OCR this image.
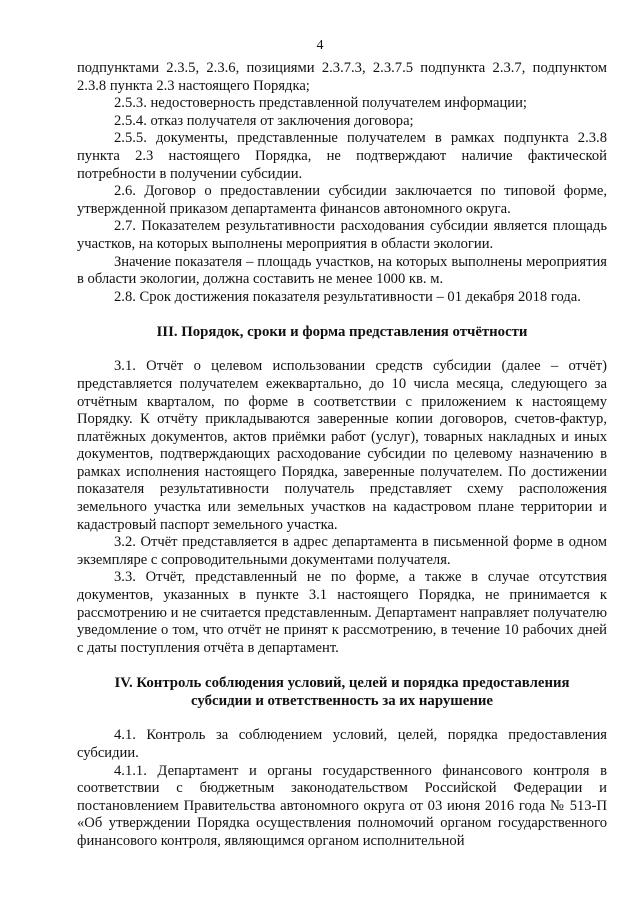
4

подпунктами 2.3.5, 2.3.6, позициями 2.3.7.3, 2.3.7.5 подпункта 2.3.7, подпунктом 2.3.8 пункта 2.3 настоящего Порядка;

2.5.3. недостоверность представленной получателем информации;

2.5.4. отказ получателя от заключения договора;

2.5.5. документы, представленные получателем в рамках подпункта 2.3.8 пункта 2.3 настоящего Порядка, не подтверждают наличие фактической потребности в получении субсидии.

2.6. Договор о предоставлении субсидии заключается по типовой форме, утвержденной приказом департамента финансов автономного округа.

2.7. Показателем результативности расходования субсидии является площадь участков, на которых выполнены мероприятия в области экологии.

Значение показателя – площадь участков, на которых выполнены мероприятия в области экологии, должна составить не менее 1000 кв. м.

2.8. Срок достижения показателя результативности – 01 декабря 2018 года.

III. Порядок, сроки и форма представления отчётности

3.1. Отчёт о целевом использовании средств субсидии (далее – отчёт) представляется получателем ежеквартально, до 10 числа месяца, следующего за отчётным кварталом, по форме в соответствии с приложением к настоящему Порядку. К отчёту прикладываются заверенные копии договоров, счетов-фактур, платёжных документов, актов приёмки работ (услуг), товарных накладных и иных документов, подтверждающих расходование субсидии по целевому назначению в рамках исполнения настоящего Порядка, заверенные получателем. По достижении показателя результативности получатель представляет схему расположения земельного участка или земельных участков на кадастровом плане территории и кадастровый паспорт земельного участка.

3.2. Отчёт представляется в адрес департамента в письменной форме в одном экземпляре с сопроводительными документами получателя.

3.3. Отчёт, представленный не по форме, а также в случае отсутствия документов, указанных в пункте 3.1 настоящего Порядка, не принимается к рассмотрению и не считается представленным. Департамент направляет получателю уведомление о том, что отчёт не принят к рассмотрению, в течение 10 рабочих дней с даты поступления отчёта в департамент.

IV. Контроль соблюдения условий, целей и порядка предоставления
субсидии и ответственность за их нарушение

4.1. Контроль за соблюдением условий, целей, порядка предоставления субсидии.

4.1.1. Департамент и органы государственного финансового контроля в соответствии с бюджетным законодательством Российской Федерации и постановлением Правительства автономного округа от 03 июня 2016 года № 513-П «Об утверждении Порядка осуществления полномочий органом государственного финансового контроля, являющимся органом исполнительной
